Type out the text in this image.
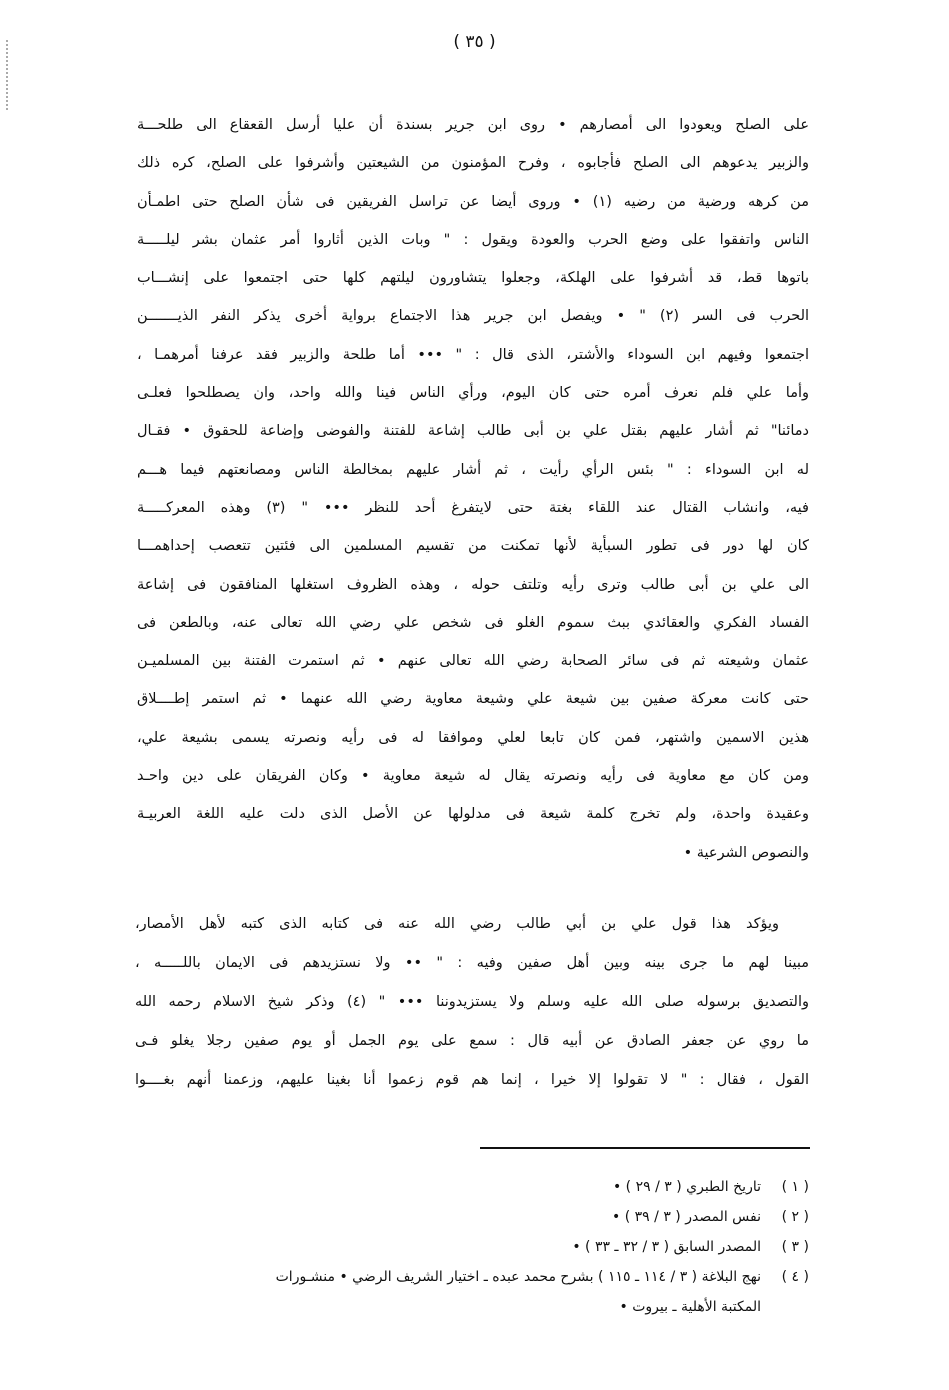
( ٣٥ )
على الصلح ويعودوا الى أمصارهم • روى ابن جرير بسندة أن عليا أرسل القعقاع الى طلحـــة
والزبير يدعوهم الى الصلح فأجابوه ، وفرح المؤمنون من الشيعتين وأشرفوا على الصلح، كره ذلك
من كرهه ورضية من رضيه (١) • وروى أيضا عن تراسل الفريقين فى شأن الصلح حتى اطمـأن
الناس واتفقوا على وضع الحرب والعودة ويقول : " وبات الذين أثاروا أمر عثمان بشر ليلـــــة
باتوها قط، قد أشرفوا على الهلكة، وجعلوا يتشاورون ليلتهم كلها حتى اجتمعوا على إنشـــاب
الحرب فى السر (٢) " • ويفصل ابن جرير هذا الاجتماع برواية أخرى يذكر النفر الذيـــــــن
اجتمعوا وفيهم ابن السوداء والأشتر، الذى قال : " ••• أما طلحة والزبير فقد عرفنا أمرهمـا ،
وأما علي فلم نعرف أمره حتى كان اليوم، ورأي الناس فينا والله واحد، وان يصطلحوا فعلـى
دمائنا" ثم أشار عليهم بقتل علي بن أبى طالب إشاعة للفتنة والفوضى وإضاعة للحقوق • فقـال
له ابن السوداء : " بئس الرأي رأيت ، ثم أشار عليهم بمخالطة الناس ومصانعتهم فيما هـــم
فيه، وانشاب القتال عند اللقاء بغتة حتى لايتفرغ أحد للنظر ••• " (٣) وهذه المعركـــــة
كان لها دور فى تطور السبأية لأنها تمكنت من تقسيم المسلمين الى فئتين تتعصب إحداهمـــا
الى علي بن أبى طالب وترى رأيه وتلتف حوله ، وهذه الظروف استغلها المنافقون فى إشاعة
الفساد الفكري والعقائدي ببث سموم الغلو فى شخص علي رضي الله تعالى عنه، وبالطعن فى
عثمان وشيعته ثم فى سائر الصحابة رضي الله تعالى عنهم • ثم استمرت الفتنة بين المسلميـن
حتى كانت معركة صفين بين شيعة علي وشيعة معاوية رضي الله عنهما • ثم استمر إطــــلاق
هذين الاسمين واشتهر، فمن كان تابعا لعلي وموافقا له فى رأيه ونصرته يسمى بشيعة علي،
ومن كان مع معاوية فى رأيه ونصرته يقال له شيعة معاوية • وكان الفريقان على دين واحـد
وعقيدة واحدة، ولم تخرج كلمة شيعة فى مدلولها عن الأصل الذى دلت عليه اللغة العربيـة
والنصوص الشرعية •
ويؤكد هذا قول علي بن أبي طالب رضي الله عنه فى كتابه الذى كتبه لأهل الأمصار،
مبينا لهم ما جرى بينه وبين أهل صفين وفيه : " •• ولا نستزيدهم فى الايمان باللـــــه ،
والتصديق برسوله صلى الله عليه وسلم ولا يستزيدوننا ••• " (٤) وذكر شيخ الاسلام رحمه الله
ما روي عن جعفر الصادق عن أبيه قال : سمع على يوم الجمل أو يوم صفين رجلا يغلو فـى
القول ، فقال : " لا تقولوا إلا خيرا ، إنما هم قوم زعموا أنا بغينا عليهم، وزعمنا أنهم بغــــوا
( ١ )
تاريخ الطبري ( ٣ / ٢٩ ) •
( ٢ )
نفس المصدر ( ٣ / ٣٩ ) •
( ٣ )
المصدر السابق ( ٣ / ٣٢ ـ ٣٣ ) •
( ٤ )
نهج البلاغة ( ٣ / ١١٤ ـ ١١٥ ) بشرح محمد عبده ـ اختيار الشريف الرضي • منشـورات
المكتبة الأهلية ـ بيروت •
